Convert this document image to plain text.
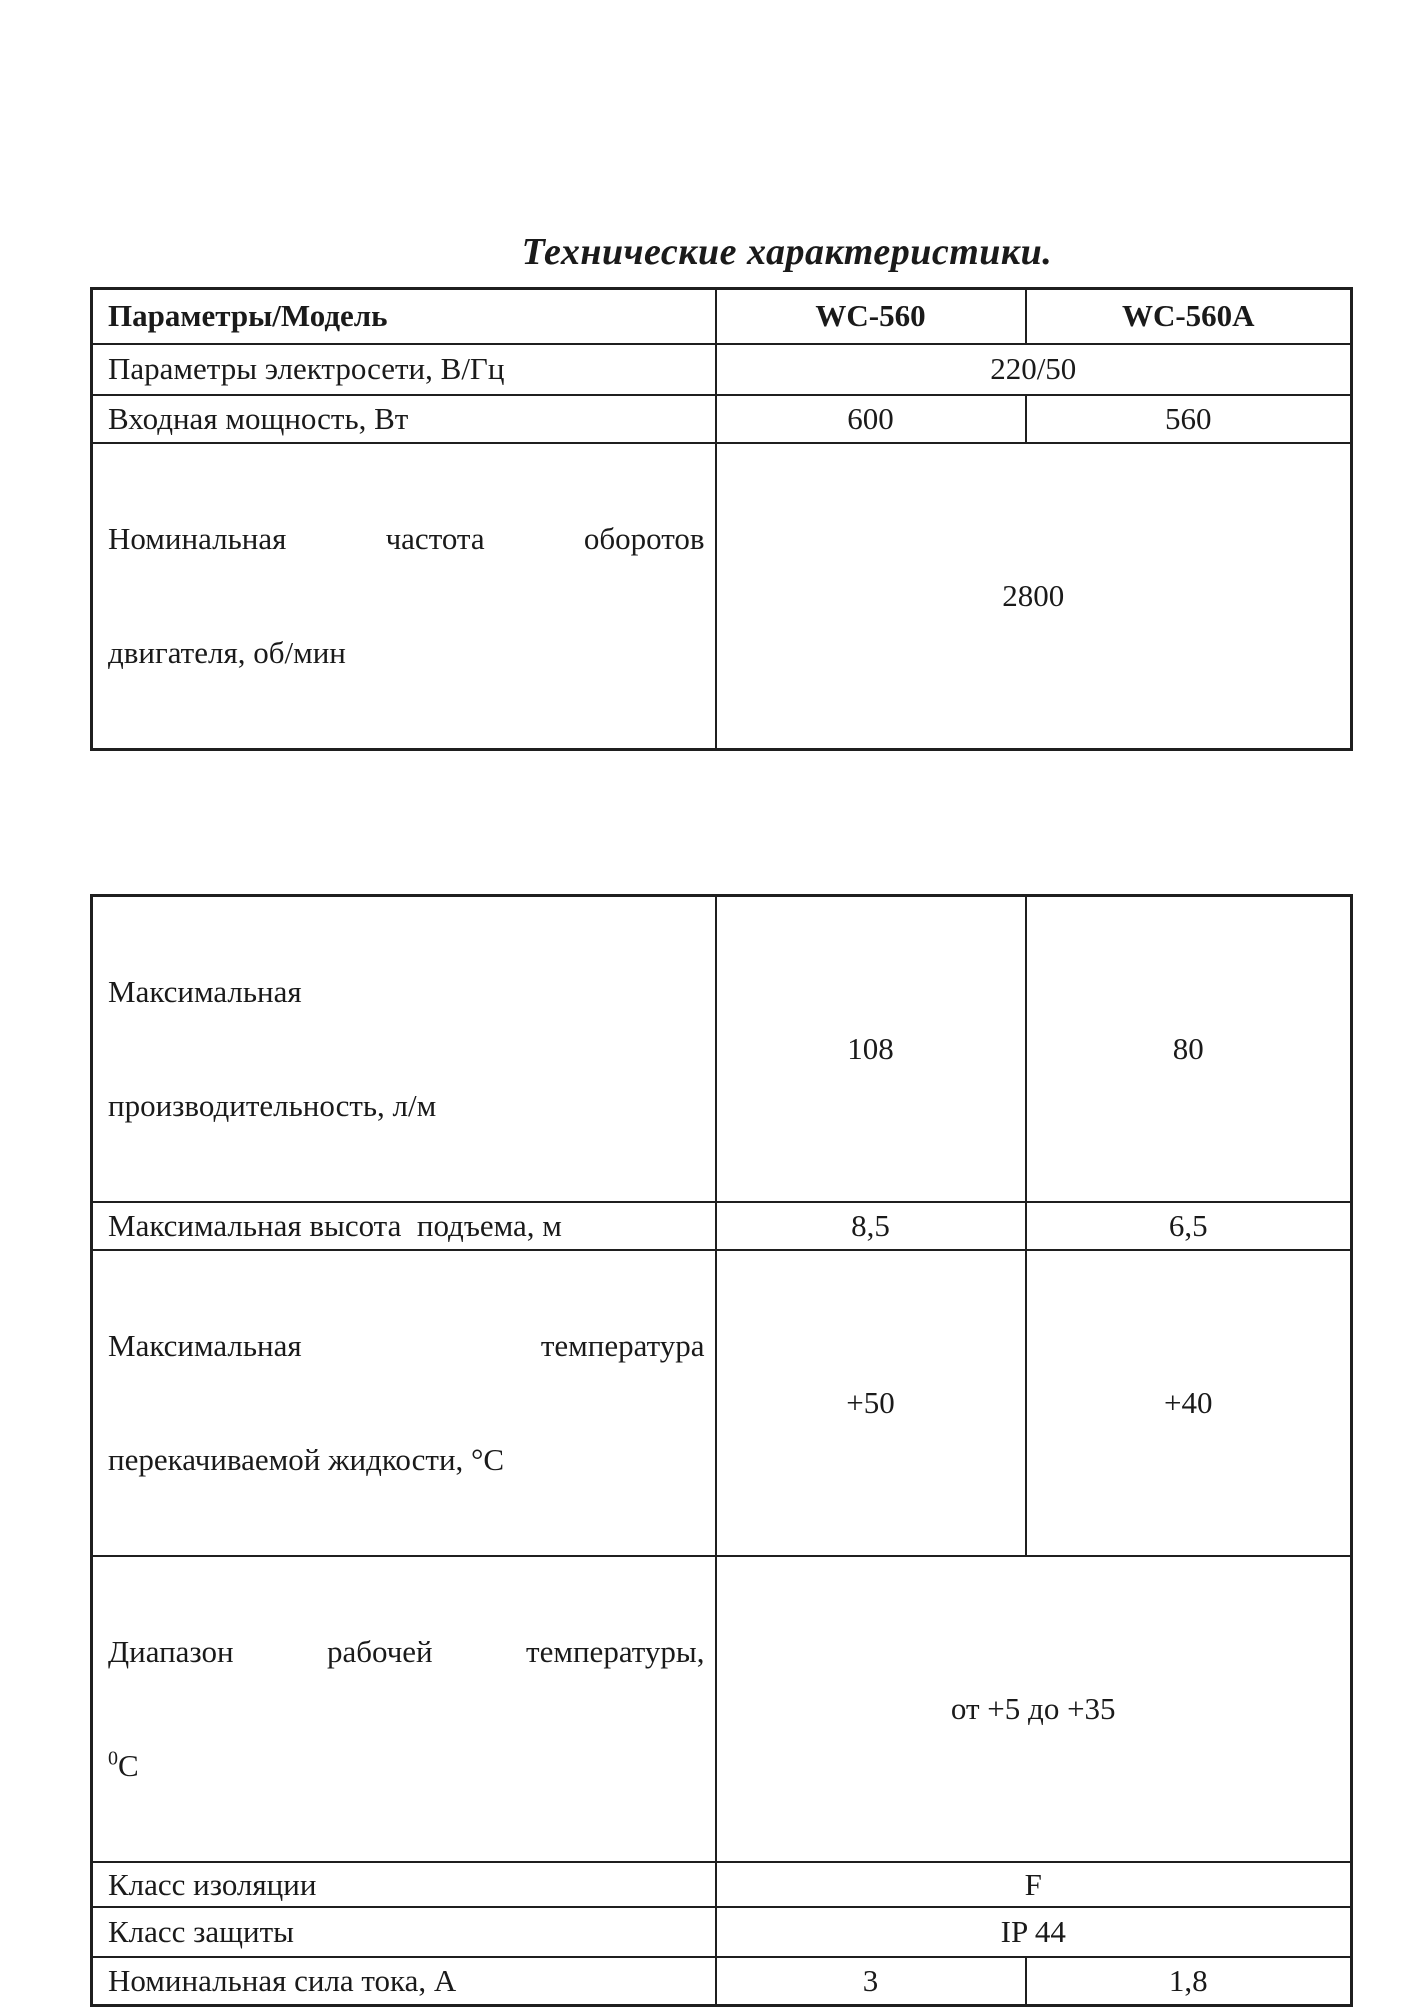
Технические характеристики.
Параметры/Модель	WC-560	WC-560A
Параметры электросети, В/Гц	220/50	
Входная мощность, Вт	600	560

Номинальная частота оборотов

двигателя, об/мин	2800	

Максимальная

производительность, л/м	108	80
Максимальная высота  подъема, м	8,5	6,5

Максимальная температура

перекачиваемой жидкости, °С	+50	+40

Диапазон рабочей температуры,

$^0$С	от +5 до +35	
Класс изоляции	F	
Класс защиты	IP 44	
Номинальная сила тока, А	3	1,8
